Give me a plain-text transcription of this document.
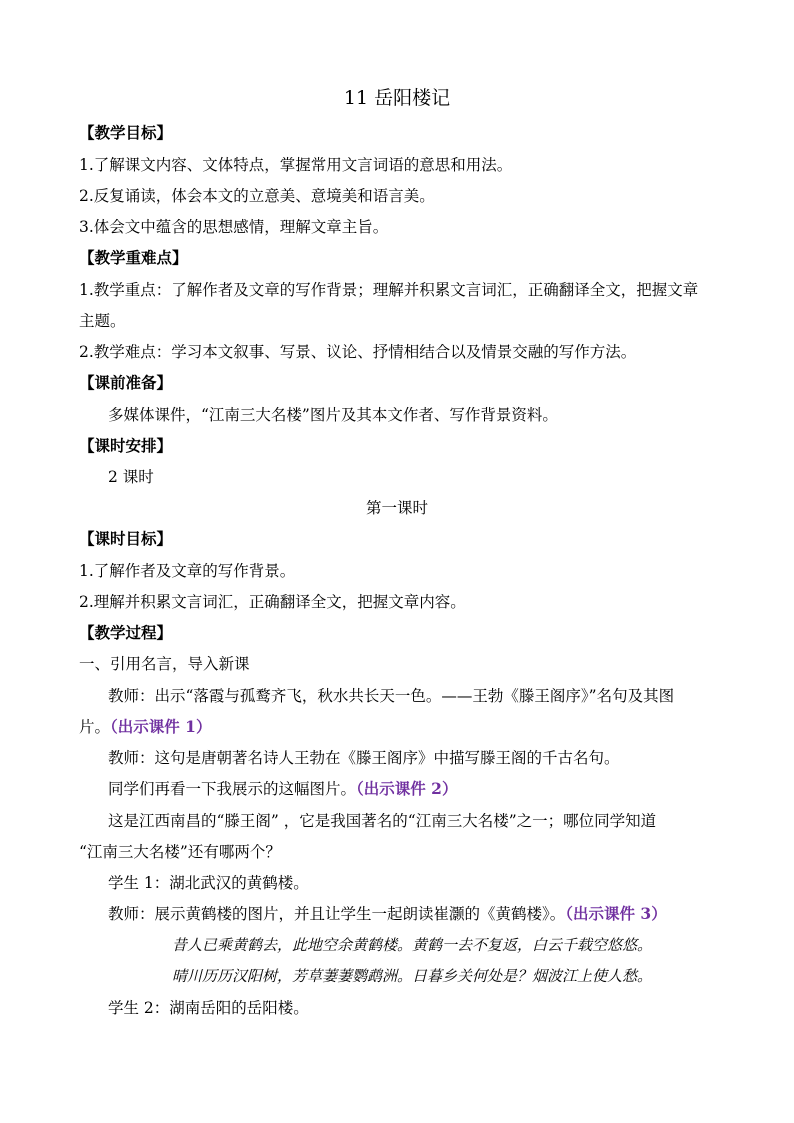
11 岳阳楼记
【教学目标】
1.了解课文内容、文体特点，掌握常用文言词语的意思和用法。
2.反复诵读，体会本文的立意美、意境美和语言美。
3.体会文中蕴含的思想感情，理解文章主旨。
【教学重难点】
1.教学重点：了解作者及文章的写作背景；理解并积累文言词汇，正确翻译全文，把握文章
主题。
2.教学难点：学习本文叙事、写景、议论、抒情相结合以及情景交融的写作方法。
【课前准备】
多媒体课件，“江南三大名楼”图片及其本文作者、写作背景资料。
【课时安排】
2 课时
第一课时
【课时目标】
1.了解作者及文章的写作背景。
2.理解并积累文言词汇，正确翻译全文，把握文章内容。
【教学过程】
一、引用名言，导入新课
教师：出示“落霞与孤鹜齐飞，秋水共长天一色。——王勃《滕王阁序》”名句及其图
片。（出示课件 1）
教师：这句是唐朝著名诗人王勃在《滕王阁序》中描写滕王阁的千古名句。
同学们再看一下我展示的这幅图片。（出示课件 2）
这是江西南昌的“滕王阁” ，它是我国著名的“江南三大名楼”之一；哪位同学知道
“江南三大名楼”还有哪两个？
学生 1：湖北武汉的黄鹤楼。
教师：展示黄鹤楼的图片，并且让学生一起朗读崔灏的《黄鹤楼》。（出示课件 3）
昔人已乘黄鹤去，此地空余黄鹤楼。黄鹤一去不复返，白云千载空悠悠。
晴川历历汉阳树，芳草萋萋鹦鹉洲。日暮乡关何处是？烟波江上使人愁。
学生 2：湖南岳阳的岳阳楼。
